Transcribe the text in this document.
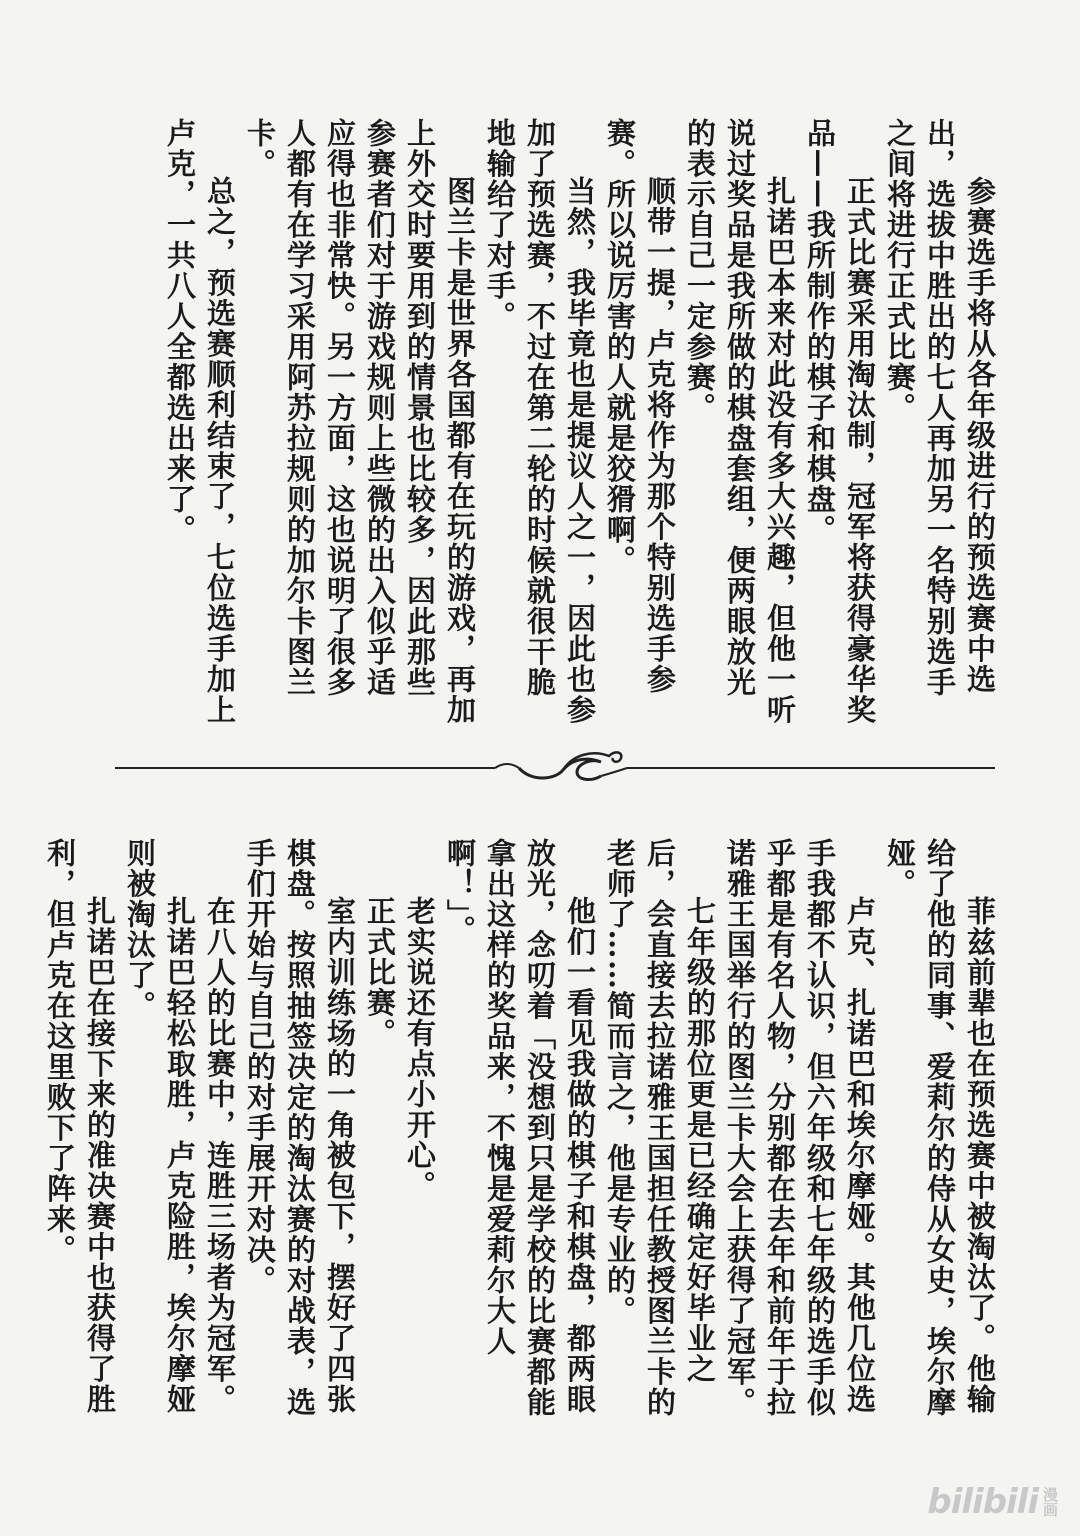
参赛选手将从各年级进行的预选赛中选出，选拔中胜出的七人再加另一名特别选手之间将进行正式比赛。

正式比赛采用淘汰制，冠军将获得豪华奖品——我所制作的棋子和棋盘。

扎诺巴本来对此没有多大兴趣，但他一听说过奖品是我所做的棋盘套组，便两眼放光的表示自己一定参赛。

顺带一提，卢克将作为那个特别选手参赛。所以说厉害的人就是狡猾啊。

当然，我毕竟也是提议人之一，因此也参加了预选赛，不过在第二轮的时候就很干脆地输给了对手。

图兰卡是世界各国都有在玩的游戏，再加上外交时要用到的情景也比较多，因此那些参赛者们对于游戏规则上些微的出入似乎适应得也非常快。另一方面，这也说明了很多人都有在学习采用阿苏拉规则的加尔卡图兰卡。

总之，预选赛顺利结束了，七位选手加上卢克，一共八人全都选出来了。

菲兹前辈也在预选赛中被淘汰了。他输给了他的同事、爱莉尔的侍从女史，埃尔摩娅。

卢克、扎诺巴和埃尔摩娅。其他几位选手我都不认识，但六年级和七年级的选手似乎都是有名人物，分别都在去年和前年于拉诺雅王国举行的图兰卡大会上获得了冠军。

七年级的那位更是已经确定好毕业之后，会直接去拉诺雅王国担任教授图兰卡的老师了……简而言之，他是专业的。

他们一看见我做的棋子和棋盘，都两眼放光，念叨着「没想到只是学校的比赛都能拿出这样的奖品来，不愧是爱莉尔大人啊！」。

老实说还有点小开心。

正式比赛。

室内训练场的一角被包下，摆好了四张棋盘。按照抽签决定的淘汰赛的对战表，选手们开始与自己的对手展开对决。

在八人的比赛中，连胜三场者为冠军。

扎诺巴轻松取胜，卢克险胜，埃尔摩娅则被淘汰了。

扎诺巴在接下来的准决赛中也获得了胜利，但卢克在这里败下了阵来。

bilibili 漫画
